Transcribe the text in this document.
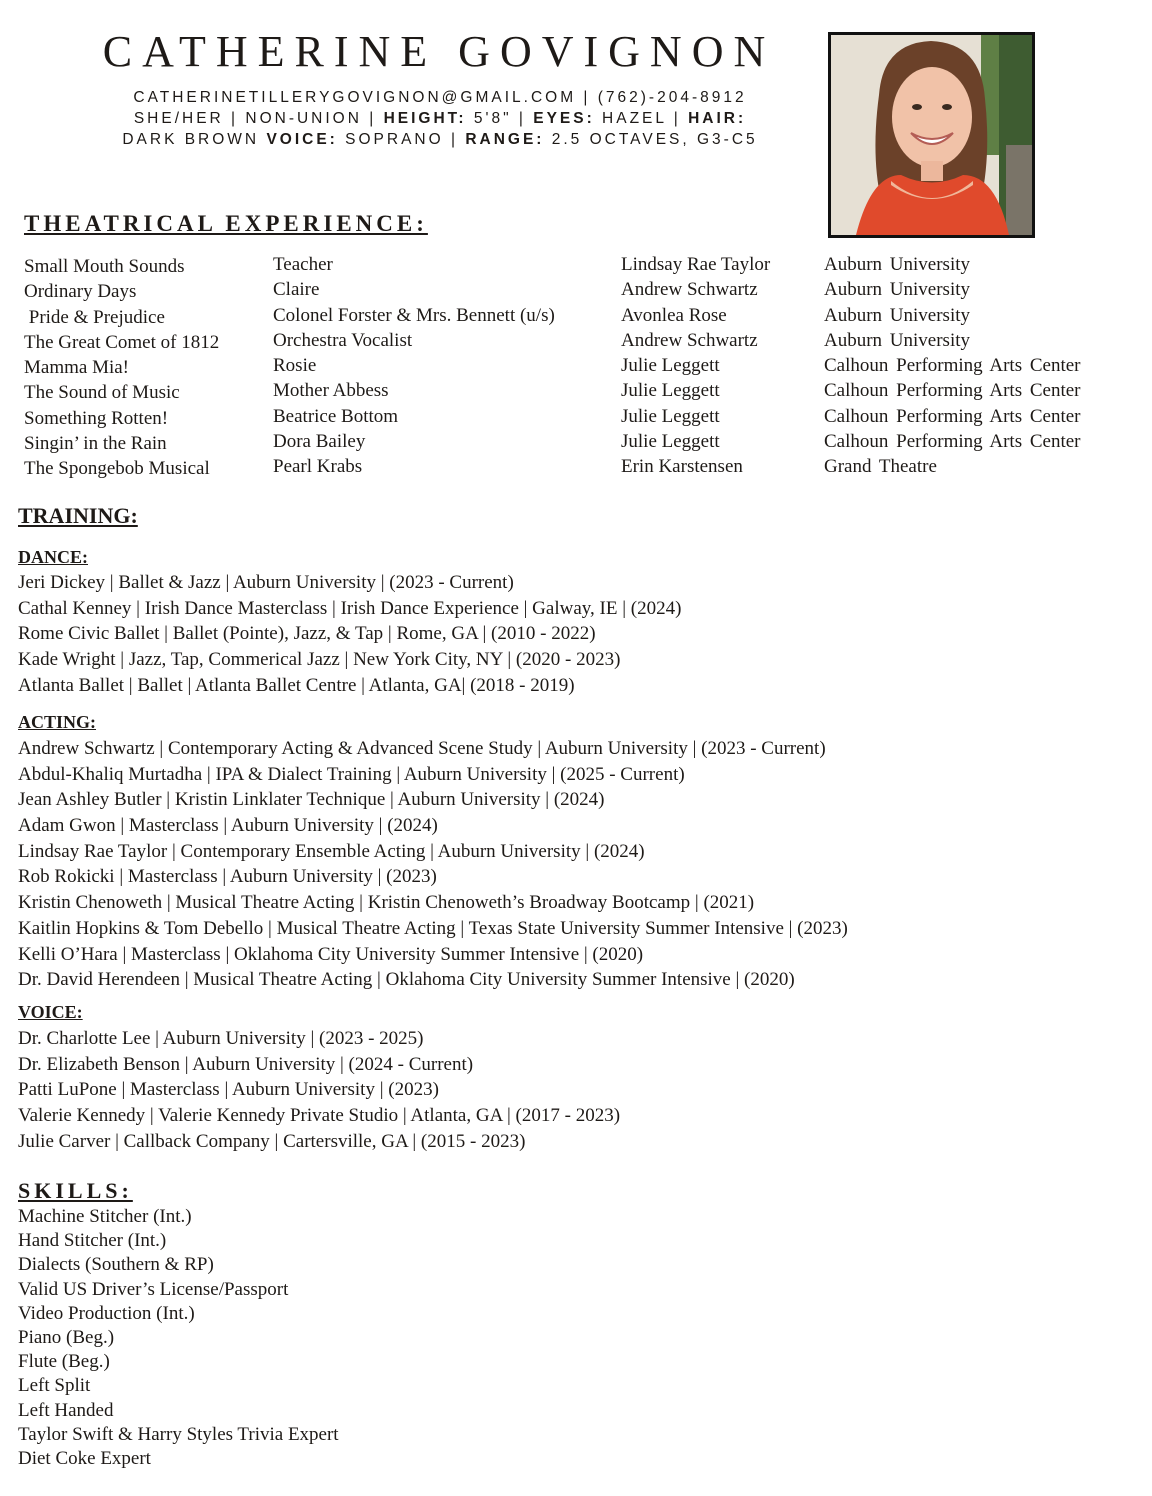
CATHERINE GOVIGNON
CATHERINETILLERYGOVIGNON@GMAIL.COM | (762)-204-8912
SHE/HER | NON-UNION | HEIGHT: 5'8" | EYES: HAZEL | HAIR:
DARK BROWN VOICE: SOPRANO | RANGE: 2.5 OCTAVES, G3-C5
THEATRICAL EXPERIENCE:
Small Mouth Sounds
Ordinary Days
Pride & Prejudice
The Great Comet of 1812
Mamma Mia!
The Sound of Music
Something Rotten!
Singin’ in the Rain
The Spongebob Musical
Teacher
Claire
Colonel Forster & Mrs. Bennett (u/s)
Orchestra Vocalist
Rosie
Mother Abbess
Beatrice Bottom
Dora Bailey
Pearl Krabs
Lindsay Rae Taylor
Andrew Schwartz
Avonlea Rose
Andrew Schwartz
Julie Leggett
Julie Leggett
Julie Leggett
Julie Leggett
Erin Karstensen
Auburn University
Auburn University
Auburn University
Auburn University
Calhoun Performing Arts Center
Calhoun Performing Arts Center
Calhoun Performing Arts Center
Calhoun Performing Arts Center
Grand Theatre
TRAINING:
DANCE:
Jeri Dickey | Ballet & Jazz | Auburn University | (2023 - Current)
Cathal Kenney | Irish Dance Masterclass | Irish Dance Experience | Galway, IE | (2024)
Rome Civic Ballet | Ballet (Pointe), Jazz, & Tap | Rome, GA | (2010 - 2022)
Kade Wright | Jazz, Tap, Commerical Jazz | New York City, NY | (2020 - 2023)
Atlanta Ballet | Ballet | Atlanta Ballet Centre | Atlanta, GA| (2018 - 2019)
ACTING:
Andrew Schwartz | Contemporary Acting & Advanced Scene Study | Auburn University | (2023 - Current)
Abdul-Khaliq Murtadha | IPA & Dialect Training | Auburn University | (2025 - Current)
Jean Ashley Butler | Kristin Linklater Technique | Auburn University | (2024)
Adam Gwon | Masterclass | Auburn University | (2024)
Lindsay Rae Taylor | Contemporary Ensemble Acting | Auburn University | (2024)
Rob Rokicki | Masterclass | Auburn University | (2023)
Kristin Chenoweth | Musical Theatre Acting | Kristin Chenoweth’s Broadway Bootcamp | (2021)
Kaitlin Hopkins & Tom Debello | Musical Theatre Acting | Texas State University Summer Intensive | (2023)
Kelli O’Hara | Masterclass | Oklahoma City University Summer Intensive | (2020)
Dr. David Herendeen | Musical Theatre Acting | Oklahoma City University Summer Intensive | (2020)
VOICE:
Dr. Charlotte Lee | Auburn University | (2023 - 2025)
Dr. Elizabeth Benson | Auburn University | (2024 - Current)
Patti LuPone | Masterclass | Auburn University | (2023)
Valerie Kennedy | Valerie Kennedy Private Studio | Atlanta, GA | (2017 - 2023)
Julie Carver | Callback Company | Cartersville, GA | (2015 - 2023)
SKILLS:
Machine Stitcher (Int.)
Hand Stitcher (Int.)
Dialects (Southern & RP)
Valid US Driver’s License/Passport
Video Production (Int.)
Piano (Beg.)
Flute (Beg.)
Left Split
Left Handed
Taylor Swift & Harry Styles Trivia Expert
Diet Coke Expert
